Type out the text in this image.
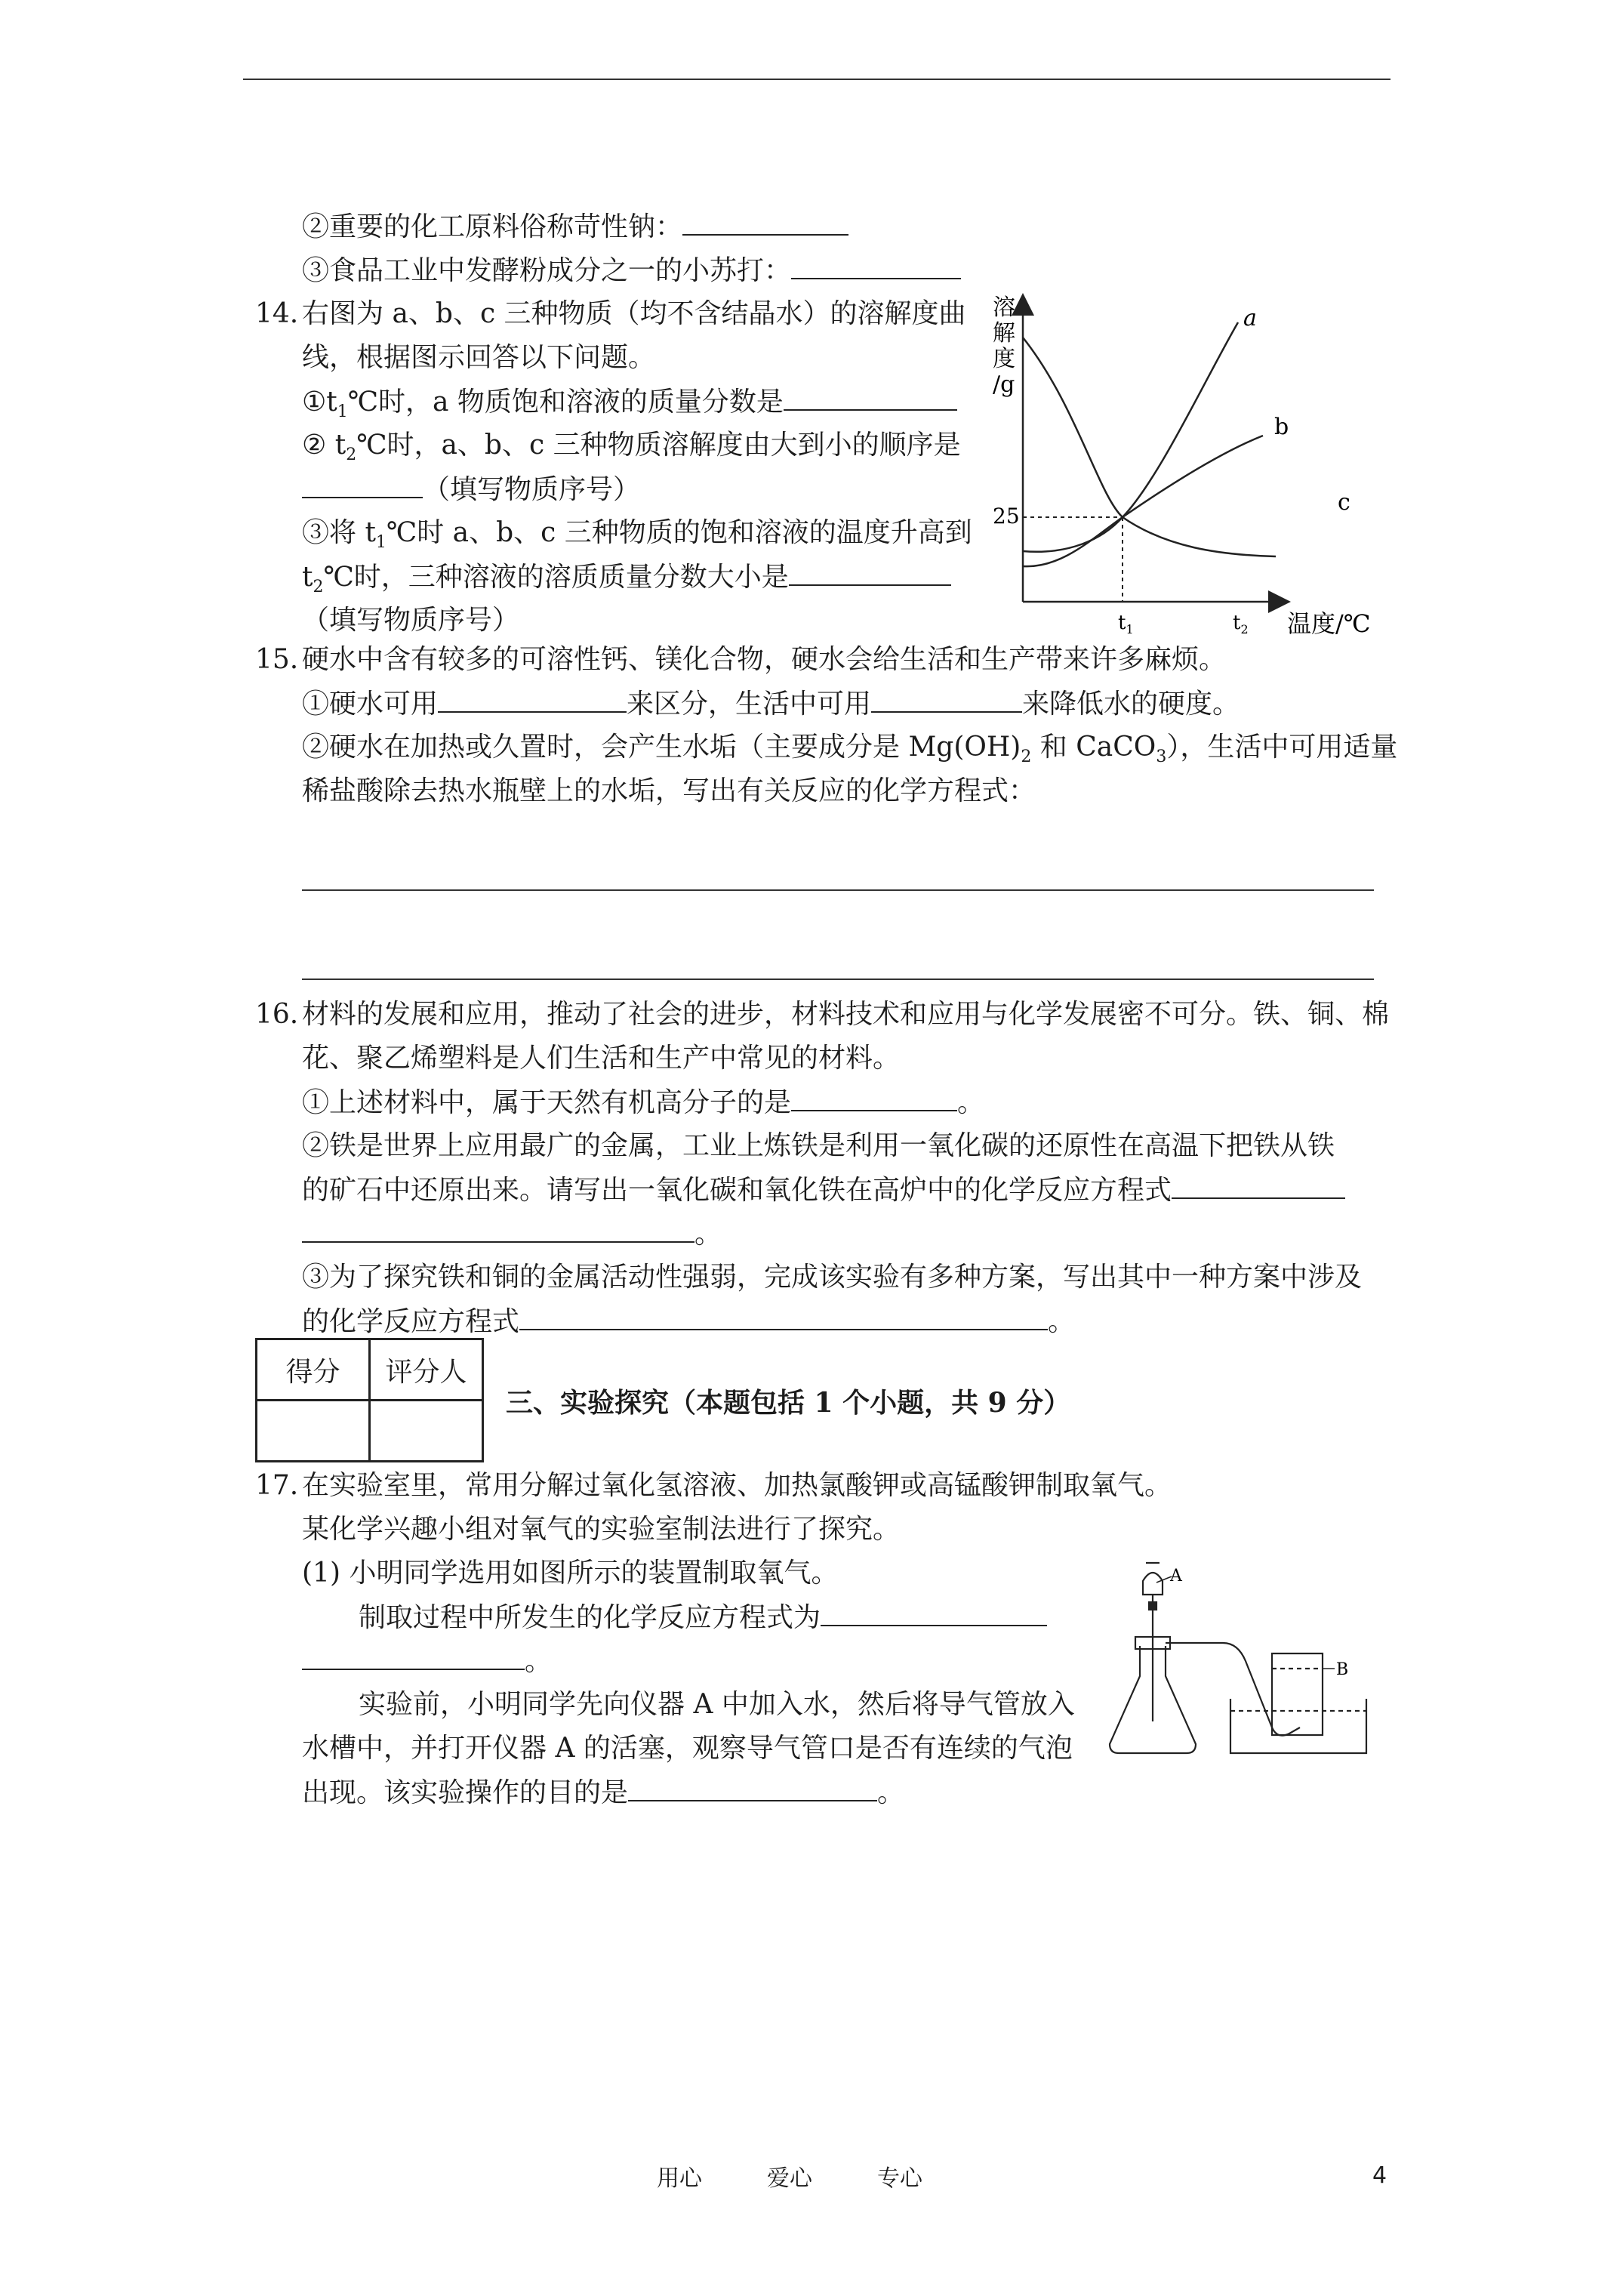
②重要的化工原料俗称苛性钠：
③食品工业中发酵粉成分之一的小苏打：
14. 右图为 a、b、c 三种物质（均不含结晶水）的溶解度曲
线，根据图示回答以下问题。
$①t_1℃$时，a 物质饱和溶液的质量分数是
② $t_2℃$时，a、b、c 三种物质溶解度由大到小的顺序是
（填写物质序号）
③将 $t_1℃$时 a、b、c 三种物质的饱和溶液的温度升高到
$t_2℃$时，三种溶液的溶质质量分数大小是
（填写物质序号）
溶
解
度
/g
25
$t_1$	$t_2$ 温度/℃
a
b
c
15. 硬水中含有较多的可溶性钙、镁化合物，硬水会给生活和生产带来许多麻烦。
①硬水可用	来区分，生活中可用	来降低水的硬度。
②硬水在加热或久置时，会产生水垢（主要成分是 $Mg(OH)_2$ 和 CaCO$_3$），生活中可用适量
稀盐酸除去热水瓶壁上的水垢，写出有关反应的化学方程式：
16. 材料的发展和应用，推动了社会的进步，材料技术和应用与化学发展密不可分。铁、铜、棉
花、聚乙烯塑料是人们生活和生产中常见的材料。
①上述材料中，属于天然有机高分子的是	。
②铁是世界上应用最广的金属，工业上炼铁是利用一氧化碳的还原性在高温下把铁从铁
的矿石中还原出来。请写出一氧化碳和氧化铁在高炉中的化学反应方程式
。
③为了探究铁和铜的金属活动性强弱，完成该实验有多种方案，写出其中一种方案中涉及
的化学反应方程式	。
得分	评分人

三、实验探究（本题包括 1 个小题，共 9 分）
17. 在实验室里，常用分解过氧化氢溶液、加热氯酸钾或高锰酸钾制取氧气。
某化学兴趣小组对氧气的实验室制法进行了探究。
(1) 小明同学选用如图所示的装置制取氧气。
制取过程中所发生的化学反应方程式为
。
实验前，小明同学先向仪器 A 中加入水，然后将导气管放入
水槽中，并打开仪器 A 的活塞，观察导气管口是否有连续的气泡
出现。该实验操作的目的是	。
A
B
用心	爱心	专心	4
